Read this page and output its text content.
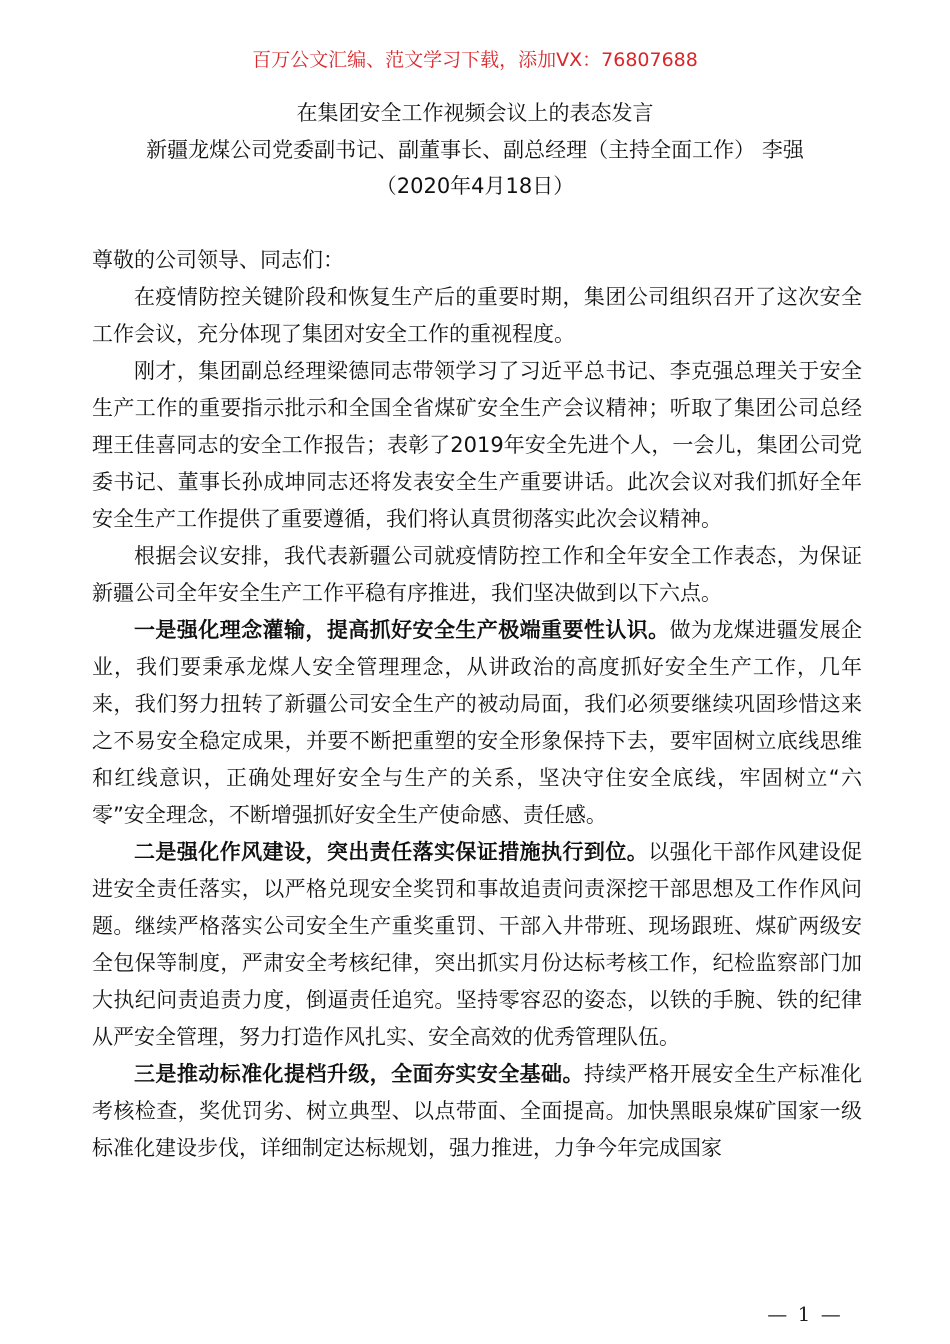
百万公文汇编、范文学习下载，添加VX：76807688
在集团安全工作视频会议上的表态发言
新疆龙煤公司党委副书记、副董事长、副总经理（主持全面工作） 李强
（2020年4月18日）

尊敬的公司领导、同志们：

在疫情防控关键阶段和恢复生产后的重要时期，集团公司组织召开了这次安全工作会议，充分体现了集团对安全工作的重视程度。

刚才，集团副总经理梁德同志带领学习了习近平总书记、李克强总理关于安全生产工作的重要指示批示和全国全省煤矿安全生产会议精神；听取了集团公司总经理王佳喜同志的安全工作报告；表彰了2019年安全先进个人，一会儿，集团公司党委书记、董事长孙成坤同志还将发表安全生产重要讲话。此次会议对我们抓好全年安全生产工作提供了重要遵循，我们将认真贯彻落实此次会议精神。

根据会议安排，我代表新疆公司就疫情防控工作和全年安全工作表态，为保证新疆公司全年安全生产工作平稳有序推进，我们坚决做到以下六点。

一是强化理念灌输，提高抓好安全生产极端重要性认识。做为龙煤进疆发展企业，我们要秉承龙煤人安全管理理念，从讲政治的高度抓好安全生产工作，几年来，我们努力扭转了新疆公司安全生产的被动局面，我们必须要继续巩固珍惜这来之不易安全稳定成果，并要不断把重塑的安全形象保持下去，要牢固树立底线思维和红线意识，正确处理好安全与生产的关系，坚决守住安全底线，牢固树立“六零”安全理念，不断增强抓好安全生产使命感、责任感。

二是强化作风建设，突出责任落实保证措施执行到位。以强化干部作风建设促进安全责任落实，以严格兑现安全奖罚和事故追责问责深挖干部思想及工作作风问题。继续严格落实公司安全生产重奖重罚、干部入井带班、现场跟班、煤矿两级安全包保等制度，严肃安全考核纪律，突出抓实月份达标考核工作，纪检监察部门加大执纪问责追责力度，倒逼责任追究。坚持零容忍的姿态，以铁的手腕、铁的纪律从严安全管理，努力打造作风扎实、安全高效的优秀管理队伍。

三是推动标准化提档升级，全面夯实安全基础。持续严格开展安全生产标准化考核检查，奖优罚劣、树立典型、以点带面、全面提高。加快黑眼泉煤矿国家一级标准化建设步伐，详细制定达标规划，强力推进，力争今年完成国家

— 1 —
